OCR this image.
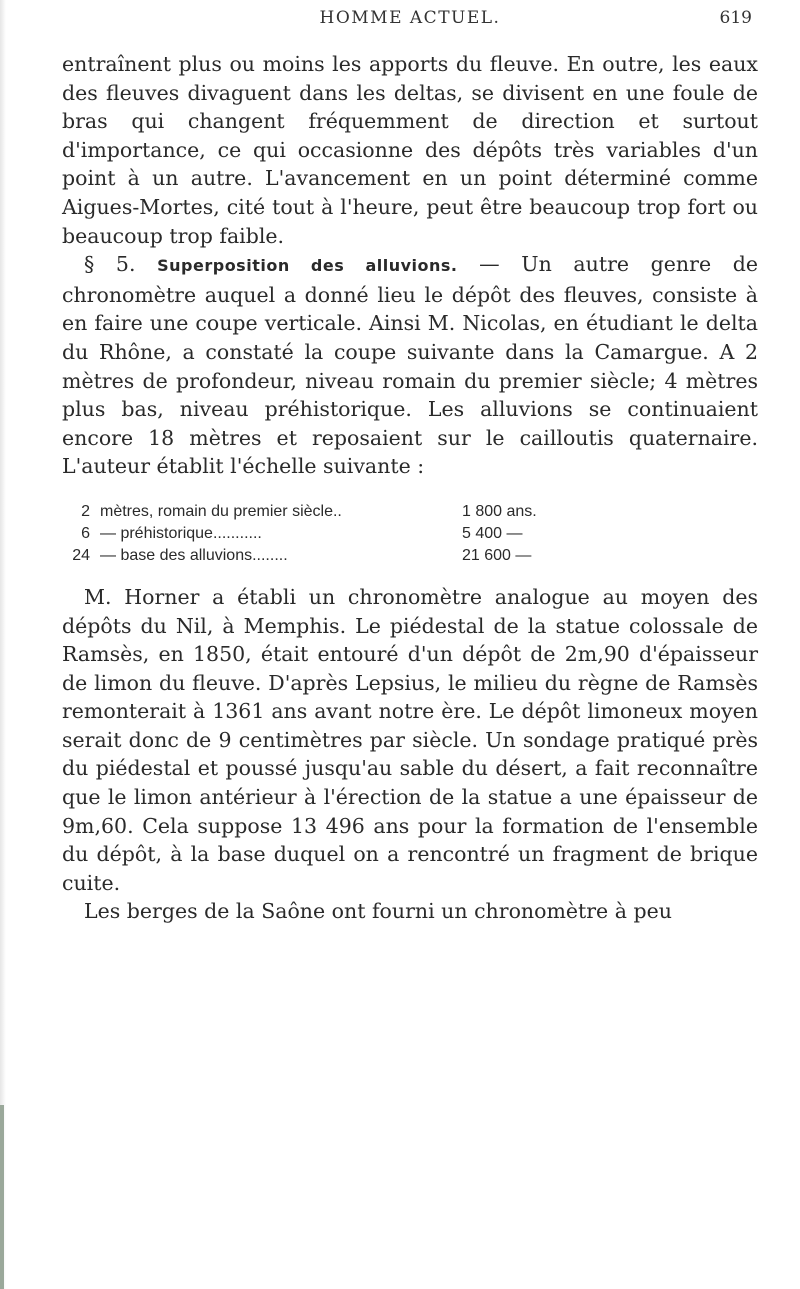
HOMME ACTUEL.	619

entraînent plus ou moins les apports du fleuve. En outre, les eaux des fleuves divaguent dans les deltas, se divisent en une foule de bras qui changent fréquemment de direction et surtout d'importance, ce qui occasionne des dépôts très variables d'un point à un autre. L'avancement en un point déterminé comme Aigues-Mortes, cité tout à l'heure, peut être beaucoup trop fort ou beaucoup trop faible.

§ 5. Superposition des alluvions. — Un autre genre de chronomètre auquel a donné lieu le dépôt des fleuves, consiste à en faire une coupe verticale. Ainsi M. Nicolas, en étudiant le delta du Rhône, a constaté la coupe suivante dans la Camargue. A 2 mètres de profondeur, niveau romain du premier siècle; 4 mètres plus bas, niveau préhistorique. Les alluvions se continuaient encore 18 mètres et reposaient sur le cailloutis quaternaire. L'auteur établit l'échelle suivante :

2 mètres, romain du premier siècle..	1 800 ans.
6 — préhistorique...........	5 400 —
24 — base des alluvions........	21 600 —

M. Horner a établi un chronomètre analogue au moyen des dépôts du Nil, à Memphis. Le piédestal de la statue colossale de Ramsès, en 1850, était entouré d'un dépôt de 2m,90 d'épaisseur de limon du fleuve. D'après Lepsius, le milieu du règne de Ramsès remonterait à 1361 ans avant notre ère. Le dépôt limoneux moyen serait donc de 9 centimètres par siècle. Un sondage pratiqué près du piédestal et poussé jusqu'au sable du désert, a fait reconnaître que le limon antérieur à l'érection de la statue a une épaisseur de 9m,60. Cela suppose 13 496 ans pour la formation de l'ensemble du dépôt, à la base duquel on a rencontré un fragment de brique cuite.

Les berges de la Saône ont fourni un chronomètre à peu
